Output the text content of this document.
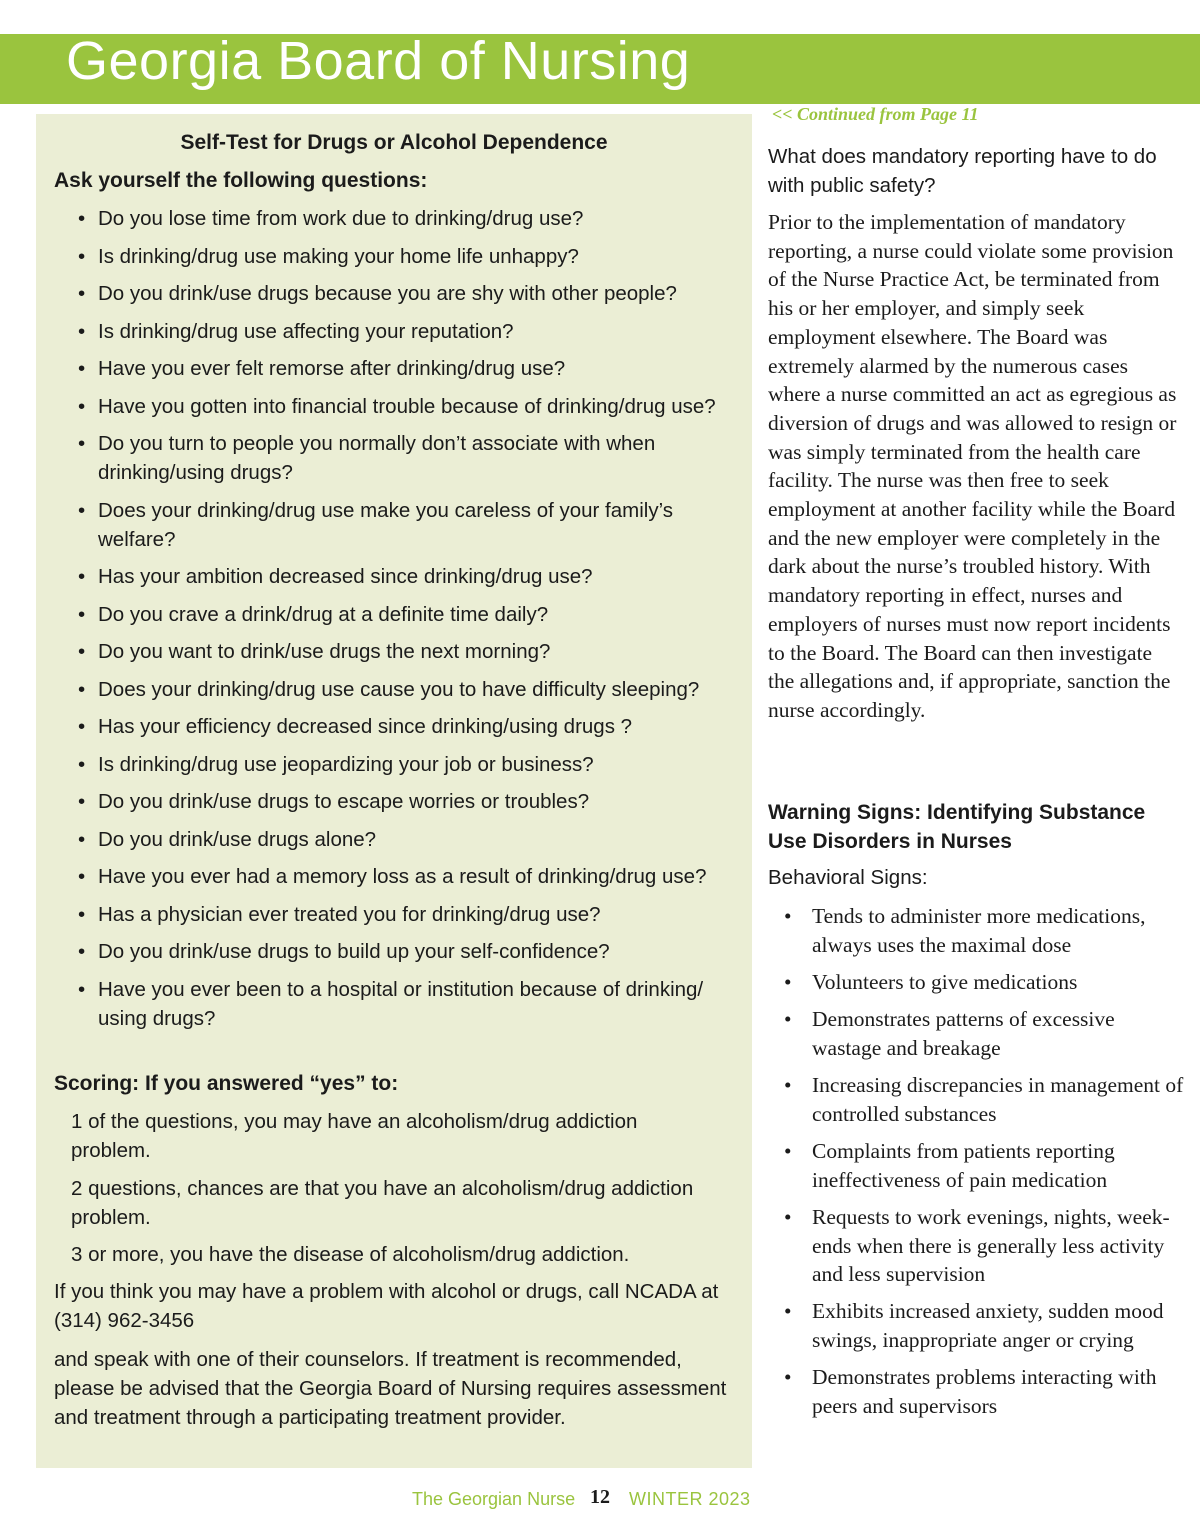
Georgia Board of Nursing
Self-Test for Drugs or Alcohol Dependence
Ask yourself the following questions:
• Do you lose time from work due to drinking/drug use?
• Is drinking/drug use making your home life unhappy?
• Do you drink/use drugs because you are shy with other people?
• Is drinking/drug use affecting your reputation?
• Have you ever felt remorse after drinking/drug use?
• Have you gotten into financial trouble because of drinking/drug use?
• Do you turn to people you normally don’t associate with when drinking/using drugs?
• Does your drinking/drug use make you careless of your family’s welfare?
• Has your ambition decreased since drinking/drug use?
• Do you crave a drink/drug at a definite time daily?
• Do you want to drink/use drugs the next morning?
• Does your drinking/drug use cause you to have difficulty sleeping?
• Has your efficiency decreased since drinking/using drugs ?
• Is drinking/drug use jeopardizing your job or business?
• Do you drink/use drugs to escape worries or troubles?
• Do you drink/use drugs alone?
• Have you ever had a memory loss as a result of drinking/drug use?
• Has a physician ever treated you for drinking/drug use?
• Do you drink/use drugs to build up your self-confidence?
• Have you ever been to a hospital or institution because of drinking/ using drugs?
Scoring: If you answered “yes” to:
1 of the questions, you may have an alcoholism/drug addiction problem.
2 questions, chances are that you have an alcoholism/drug addiction problem.
3 or more, you have the disease of alcoholism/drug addiction.
If you think you may have a problem with alcohol or drugs, call NCADA at (314) 962-3456
and speak with one of their counselors. If treatment is recommended, please be advised that the Georgia Board of Nursing requires assessment and treatment through a participating treatment provider.
<< Continued from Page 11
What does mandatory reporting have to do with public safety?
Prior to the implementation of mandatory reporting, a nurse could violate some provision of the Nurse Practice Act, be terminated from his or her employer, and simply seek employment elsewhere. The Board was extremely alarmed by the numerous cases where a nurse committed an act as egregious as diversion of drugs and was allowed to resign or was simply terminated from the health care facility. The nurse was then free to seek employment at another facility while the Board and the new employer were completely in the dark about the nurse’s troubled history. With mandatory reporting in effect, nurses and employers of nurses must now report incidents to the Board. The Board can then investigate the allegations and, if appropriate, sanction the nurse accordingly.
Warning Signs: Identifying Substance Use Disorders in Nurses
Behavioral Signs:
• Tends to administer more medications, always uses the maximal dose
• Volunteers to give medications
• Demonstrates patterns of excessive wastage and breakage
• Increasing discrepancies in management of controlled substances
• Complaints from patients reporting ineffectiveness of pain medication
• Requests to work evenings, nights, week-ends when there is generally less activity and less supervision
• Exhibits increased anxiety, sudden mood swings, inappropriate anger or crying
• Demonstrates problems interacting with peers and supervisors
The Georgian Nurse 12 WINTER 2023
